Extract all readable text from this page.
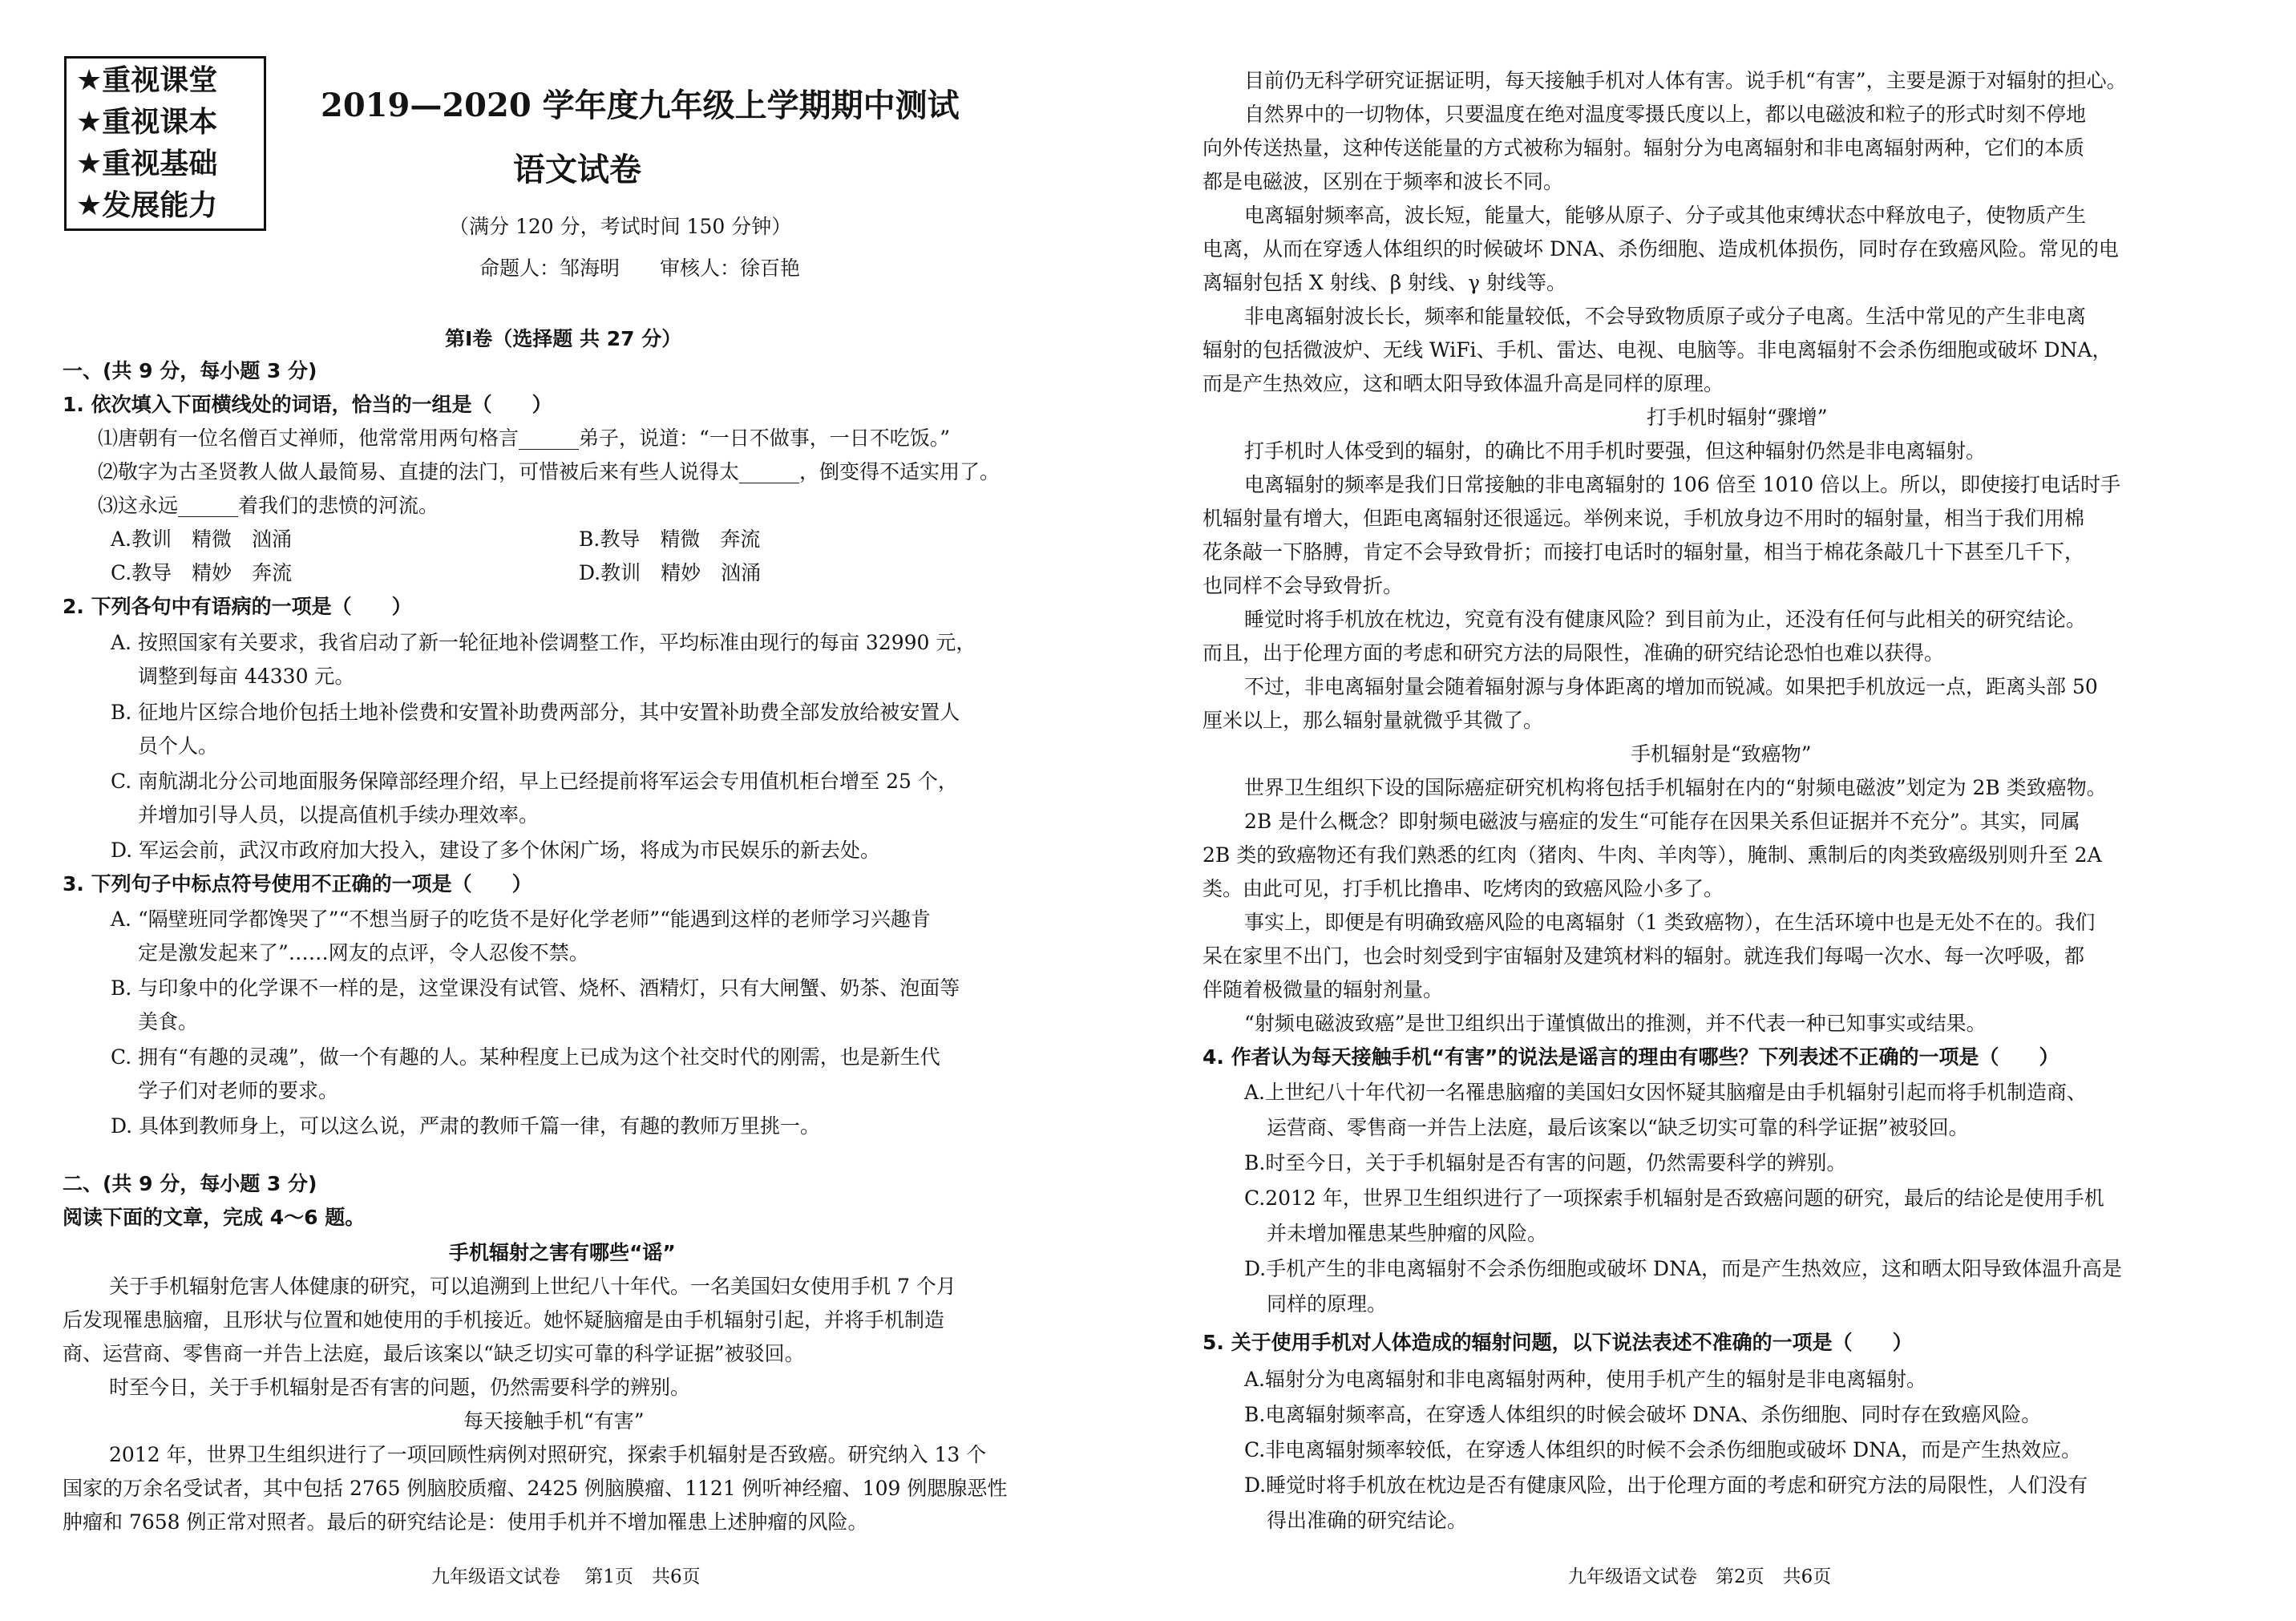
★重视课堂
★重视课本
★重视基础
★发展能力
2019—2020 学年度九年级上学期期中测试
语文试卷
（满分 120 分，考试时间 150 分钟）
命题人：邹海明　　审核人：徐百艳
第Ⅰ卷（选择题 共 27 分）
一、(共 9 分，每小题 3 分)
1. 依次填入下面横线处的词语，恰当的一组是（　　）
⑴唐朝有一位名僧百丈禅师，他常常用两句格言______弟子，说道：“一日不做事，一日不吃饭。”
⑵敬字为古圣贤教人做人最简易、直捷的法门，可惜被后来有些人说得太______，倒变得不适实用了。
⑶这永远______着我们的悲愤的河流。
A.教训　精微　汹涌	B.教导　精微　奔流
C.教导　精妙　奔流	D.教训　精妙　汹涌
2. 下列各句中有语病的一项是（　　）
A. 按照国家有关要求，我省启动了新一轮征地补偿调整工作，平均标准由现行的每亩 32990 元，
调整到每亩 44330 元。
B. 征地片区综合地价包括土地补偿费和安置补助费两部分，其中安置补助费全部发放给被安置人
员个人。
C. 南航湖北分公司地面服务保障部经理介绍，早上已经提前将军运会专用值机柜台增至 25 个，
并增加引导人员，以提高值机手续办理效率。
D. 军运会前，武汉市政府加大投入，建设了多个休闲广场，将成为市民娱乐的新去处。
3. 下列句子中标点符号使用不正确的一项是（　　）
A. “隔壁班同学都馋哭了”“不想当厨子的吃货不是好化学老师”“能遇到这样的老师学习兴趣肯
定是激发起来了”……网友的点评，令人忍俊不禁。
B. 与印象中的化学课不一样的是，这堂课没有试管、烧杯、酒精灯，只有大闸蟹、奶茶、泡面等
美食。
C. 拥有“有趣的灵魂”，做一个有趣的人。某种程度上已成为这个社交时代的刚需，也是新生代
学子们对老师的要求。
D. 具体到教师身上，可以这么说，严肃的教师千篇一律，有趣的教师万里挑一。
二、(共 9 分，每小题 3 分)
阅读下面的文章，完成 4～6 题。
手机辐射之害有哪些“谣”
关于手机辐射危害人体健康的研究，可以追溯到上世纪八十年代。一名美国妇女使用手机 7 个月
后发现罹患脑瘤，且形状与位置和她使用的手机接近。她怀疑脑瘤是由手机辐射引起，并将手机制造
商、运营商、零售商一并告上法庭，最后该案以“缺乏切实可靠的科学证据”被驳回。
时至今日，关于手机辐射是否有害的问题，仍然需要科学的辨别。
每天接触手机“有害”
2012 年，世界卫生组织进行了一项回顾性病例对照研究，探索手机辐射是否致癌。研究纳入 13 个
国家的万余名受试者，其中包括 2765 例脑胶质瘤、2425 例脑膜瘤、1121 例听神经瘤、109 例腮腺恶性
肿瘤和 7658 例正常对照者。最后的研究结论是：使用手机并不增加罹患上述肿瘤的风险。
九年级语文试卷　 第1页　共6页
目前仍无科学研究证据证明，每天接触手机对人体有害。说手机“有害”，主要是源于对辐射的担心。
自然界中的一切物体，只要温度在绝对温度零摄氏度以上，都以电磁波和粒子的形式时刻不停地
向外传送热量，这种传送能量的方式被称为辐射。辐射分为电离辐射和非电离辐射两种，它们的本质
都是电磁波，区别在于频率和波长不同。
电离辐射频率高，波长短，能量大，能够从原子、分子或其他束缚状态中释放电子，使物质产生
电离，从而在穿透人体组织的时候破坏 DNA、杀伤细胞、造成机体损伤，同时存在致癌风险。常见的电
离辐射包括 X 射线、β 射线、γ 射线等。
非电离辐射波长长，频率和能量较低，不会导致物质原子或分子电离。生活中常见的产生非电离
辐射的包括微波炉、无线 WiFi、手机、雷达、电视、电脑等。非电离辐射不会杀伤细胞或破坏 DNA，
而是产生热效应，这和晒太阳导致体温升高是同样的原理。
打手机时辐射“骤增”
打手机时人体受到的辐射，的确比不用手机时要强，但这种辐射仍然是非电离辐射。
电离辐射的频率是我们日常接触的非电离辐射的 106 倍至 1010 倍以上。所以，即使接打电话时手
机辐射量有增大，但距电离辐射还很遥远。举例来说，手机放身边不用时的辐射量，相当于我们用棉
花条敲一下胳膊，肯定不会导致骨折；而接打电话时的辐射量，相当于棉花条敲几十下甚至几千下，
也同样不会导致骨折。
睡觉时将手机放在枕边，究竟有没有健康风险？到目前为止，还没有任何与此相关的研究结论。
而且，出于伦理方面的考虑和研究方法的局限性，准确的研究结论恐怕也难以获得。
不过，非电离辐射量会随着辐射源与身体距离的增加而锐减。如果把手机放远一点，距离头部 50
厘米以上，那么辐射量就微乎其微了。
手机辐射是“致癌物”
世界卫生组织下设的国际癌症研究机构将包括手机辐射在内的“射频电磁波”划定为 2B 类致癌物。
2B 是什么概念？即射频电磁波与癌症的发生“可能存在因果关系但证据并不充分”。其实，同属
2B 类的致癌物还有我们熟悉的红肉（猪肉、牛肉、羊肉等），腌制、熏制后的肉类致癌级别则升至 2A
类。由此可见，打手机比撸串、吃烤肉的致癌风险小多了。
事实上，即便是有明确致癌风险的电离辐射（1 类致癌物），在生活环境中也是无处不在的。我们
呆在家里不出门，也会时刻受到宇宙辐射及建筑材料的辐射。就连我们每喝一次水、每一次呼吸，都
伴随着极微量的辐射剂量。
“射频电磁波致癌”是世卫组织出于谨慎做出的推测，并不代表一种已知事实或结果。
4. 作者认为每天接触手机“有害”的说法是谣言的理由有哪些？下列表述不正确的一项是（　　）
A.上世纪八十年代初一名罹患脑瘤的美国妇女因怀疑其脑瘤是由手机辐射引起而将手机制造商、
运营商、零售商一并告上法庭，最后该案以“缺乏切实可靠的科学证据”被驳回。
B.时至今日，关于手机辐射是否有害的问题，仍然需要科学的辨别。
C.2012 年，世界卫生组织进行了一项探索手机辐射是否致癌问题的研究，最后的结论是使用手机
并未增加罹患某些肿瘤的风险。
D.手机产生的非电离辐射不会杀伤细胞或破坏 DNA，而是产生热效应，这和晒太阳导致体温升高是
同样的原理。
5. 关于使用手机对人体造成的辐射问题，以下说法表述不准确的一项是（　　）
A.辐射分为电离辐射和非电离辐射两种，使用手机产生的辐射是非电离辐射。
B.电离辐射频率高，在穿透人体组织的时候会破坏 DNA、杀伤细胞、同时存在致癌风险。
C.非电离辐射频率较低，在穿透人体组织的时候不会杀伤细胞或破坏 DNA，而是产生热效应。
D.睡觉时将手机放在枕边是否有健康风险，出于伦理方面的考虑和研究方法的局限性，人们没有
得出准确的研究结论。
九年级语文试卷　第2页　共6页
